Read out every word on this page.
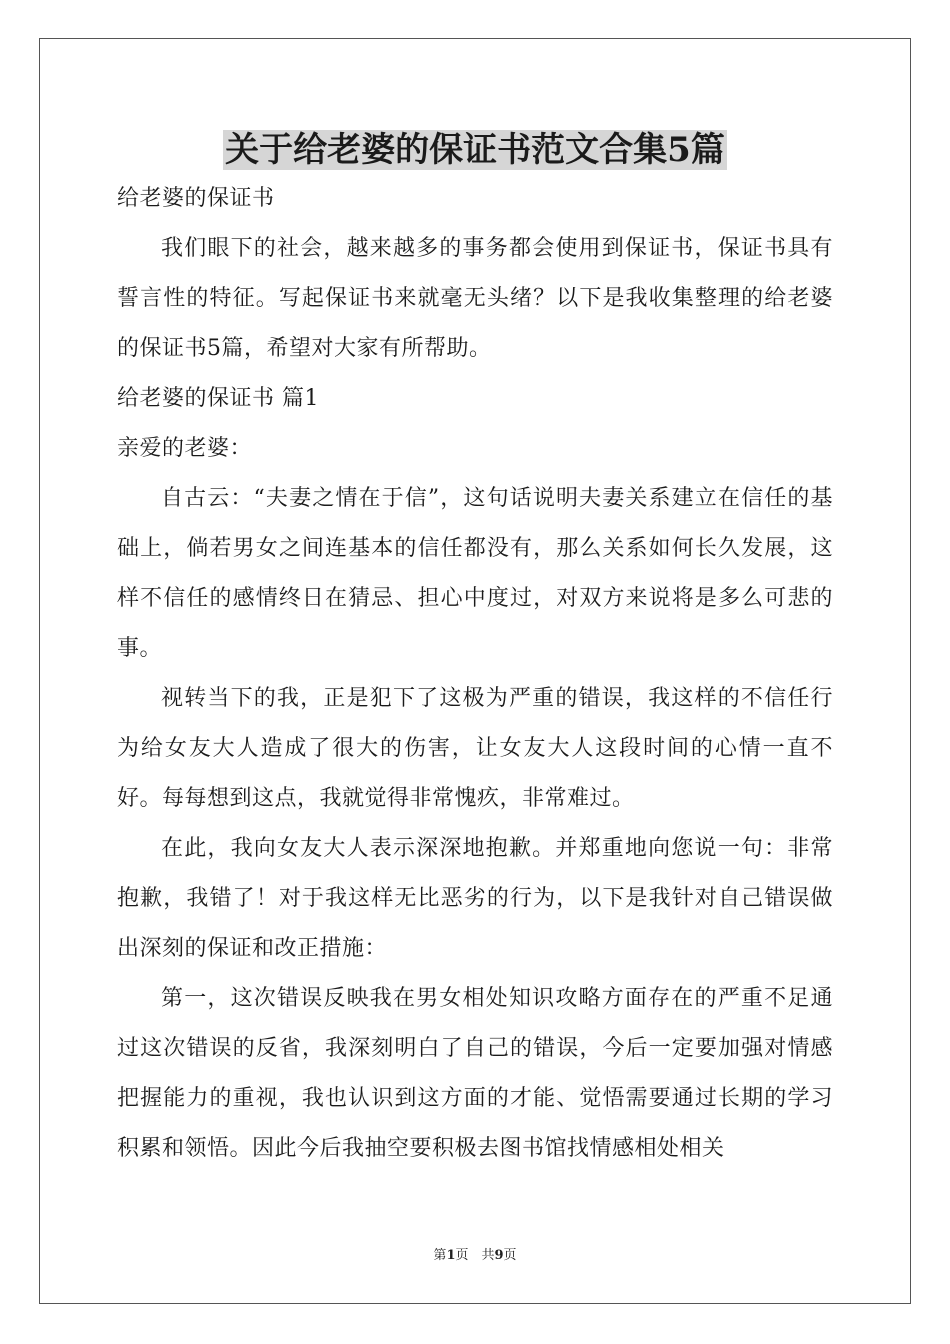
关于给老婆的保证书范文合集5篇

给老婆的保证书

我们眼下的社会，越来越多的事务都会使用到保证书，保证书具有誓言性的特征。写起保证书来就毫无头绪？以下是我收集整理的给老婆的保证书5篇，希望对大家有所帮助。

给老婆的保证书 篇1

亲爱的老婆：

自古云：“夫妻之情在于信”，这句话说明夫妻关系建立在信任的基础上，倘若男女之间连基本的信任都没有，那么关系如何长久发展，这样不信任的感情终日在猜忌、担心中度过，对双方来说将是多么可悲的事。

视转当下的我，正是犯下了这极为严重的错误，我这样的不信任行为给女友大人造成了很大的伤害，让女友大人这段时间的心情一直不好。每每想到这点，我就觉得非常愧疚，非常难过。

在此，我向女友大人表示深深地抱歉。并郑重地向您说一句：非常抱歉，我错了！对于我这样无比恶劣的行为，以下是我针对自己错误做出深刻的保证和改正措施：

第一，这次错误反映我在男女相处知识攻略方面存在的严重不足通过这次错误的反省，我深刻明白了自己的错误，今后一定要加强对情感把握能力的重视，我也认识到这方面的才能、觉悟需要通过长期的学习积累和领悟。因此今后我抽空要积极去图书馆找情感相处相关

第1页　共9页
